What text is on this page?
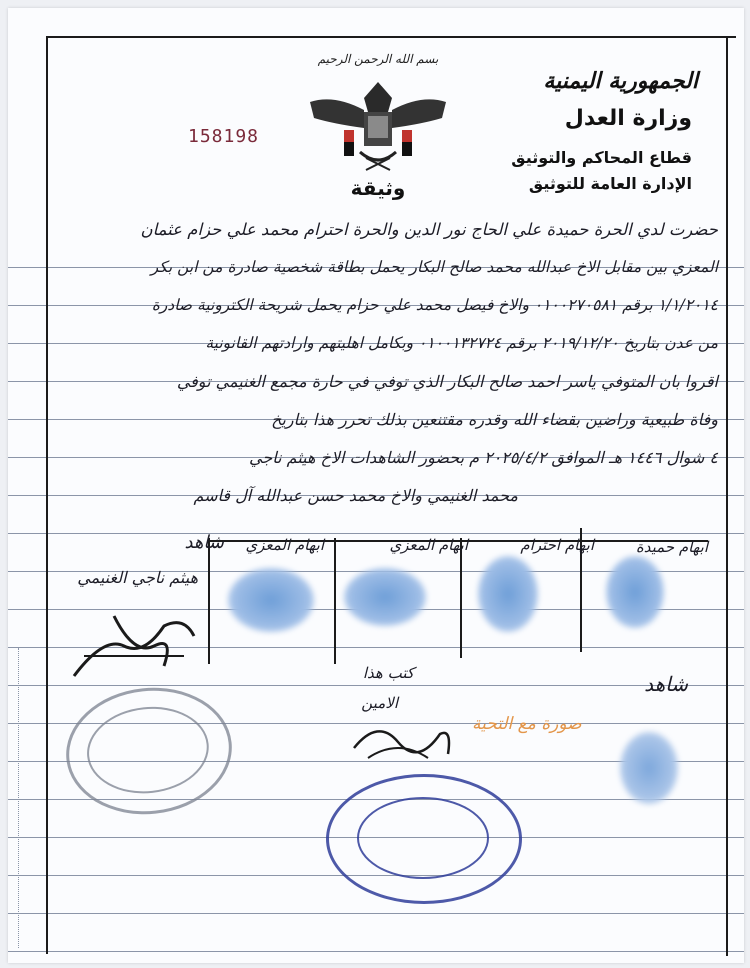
الجمهورية اليمنية
وزارة العدل
قطاع المحاكم والتوثيق
الإدارة العامة للتوثيق
بسم الله الرحمن الرحيم
وثيقة
158198
حضرت لدي الحرة حميدة علي الحاج نور الدين والحرة احترام محمد علي حزام عثمان
المعزي بين مقابل الاخ عبدالله محمد صالح البكار يحمل بطاقة شخصية صادرة من ابن بكر
١/١/٢٠١٤ برقم ٠١٠٠٢٧٠٥٨١ والاخ فيصل محمد علي حزام يحمل شريحة الكترونية صادرة
من عدن بتاريخ ٢٠١٩/١٢/٢٠ برقم ٠١٠٠١٣٢٧٢٤ وبكامل اهليتهم وارادتهم القانونية
اقروا بان المتوفي ياسر احمد صالح البكار الذي توفي في حارة مجمع الغنيمي توفي
وفاة طبيعية وراضين بقضاء الله وقدره مقتنعين بذلك تحرر هذا بتاريخ
٤ شوال ١٤٤٦ هـ الموافق ٢٠٢٥/٤/٢ م بحضور الشاهدات الاخ هيثم ناجي
محمد الغنيمي والاخ محمد حسن عبدالله آل قاسم
ابهام حميدة
ابهام احترام
ابهام المعزي
ابهام المعزي
شاهد
هيثم ناجي الغنيمي
شاهد
كتب هذا
الامين
صورة مع التحية
